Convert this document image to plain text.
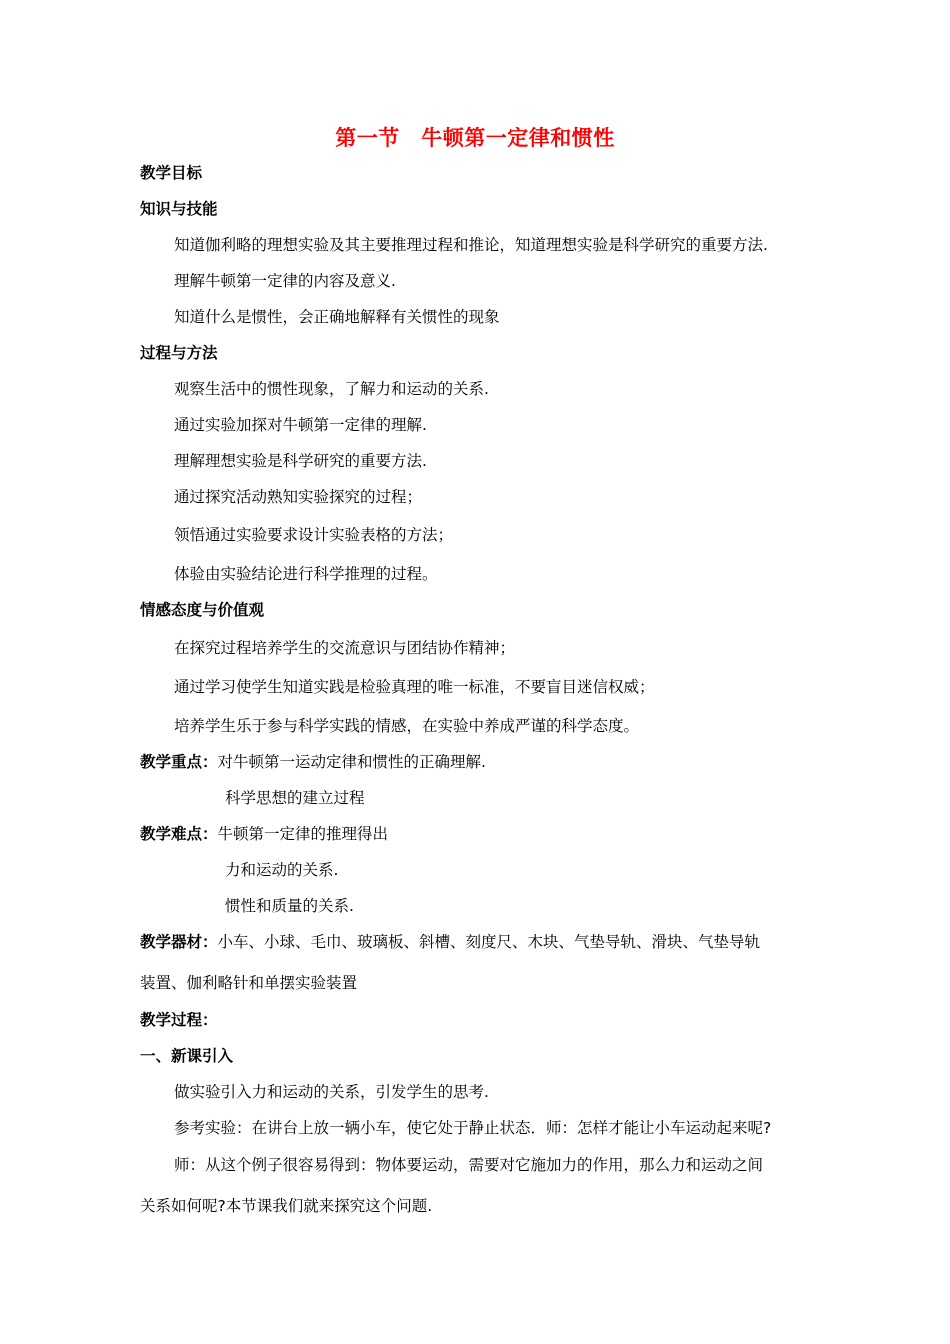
第一节　牛顿第一定律和惯性
教学目标
知识与技能
知道伽利略的理想实验及其主要推理过程和推论，知道理想实验是科学研究的重要方法.
理解牛顿第一定律的内容及意义.
知道什么是惯性，会正确地解释有关惯性的现象
过程与方法
观察生活中的惯性现象，了解力和运动的关系.
通过实验加探对牛顿第一定律的理解.
理解理想实验是科学研究的重要方法.
通过探究活动熟知实验探究的过程；
领悟通过实验要求设计实验表格的方法；
体验由实验结论进行科学推理的过程。
情感态度与价值观
在探究过程培养学生的交流意识与团结协作精神；
通过学习使学生知道实践是检验真理的唯一标准，不要盲目迷信权威；
培养学生乐于参与科学实践的情感，在实验中养成严谨的科学态度。
教学重点：对牛顿第一运动定律和惯性的正确理解.
科学思想的建立过程
教学难点：牛顿第一定律的推理得出
力和运动的关系.
惯性和质量的关系.
教学器材：小车、小球、毛巾、玻璃板、斜槽、刻度尺、木块、气垫导轨、滑块、气垫导轨
装置、伽利略针和单摆实验装置
教学过程：
一、新课引入
做实验引入力和运动的关系，引发学生的思考.
参考实验：在讲台上放一辆小车，使它处于静止状态．师：怎样才能让小车运动起来呢?
师：从这个例子很容易得到：物体要运动，需要对它施加力的作用，那么力和运动之间
关系如何呢?本节课我们就来探究这个问题.
